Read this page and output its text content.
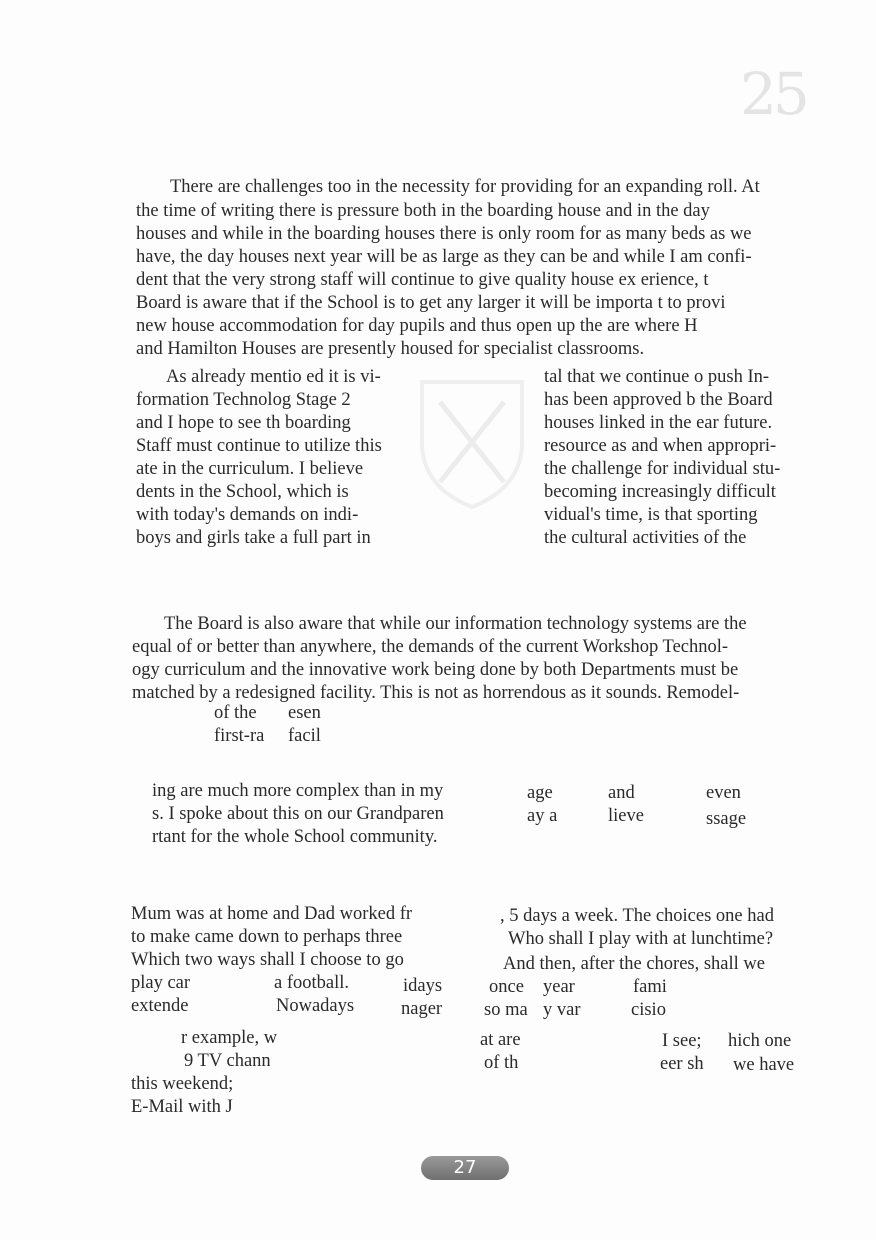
25
There are challenges too in the necessity for providing for an expanding roll. At
the time of writing there is pressure both in the boarding house and in the day
houses and while in the boarding houses there is only room for as many beds as we
have, the day houses next year will be as large as they can be and while I am confi-
dent that the very strong staff will continue to give quality house ex erience, t
Board is aware that if the School is to get any larger it will be importa t to provi
new house accommodation for day pupils and thus open up the are where H
and Hamilton Houses are presently housed for specialist classrooms.
As already mentio ed it is vi-
formation Technolog Stage 2
and I hope to see th boarding
Staff must continue to utilize this
ate in the curriculum. I believe
dents in the School, which is
with today's demands on indi-
boys and girls take a full part in
tal that we continue o push In-
has been approved b the Board
houses linked in the ear future.
resource as and when appropri-
the challenge for individual stu-
becoming increasingly difficult
vidual's time, is that sporting
the cultural activities of the
The Board is also aware that while our information technology systems are the
equal of or better than anywhere, the demands of the current Workshop Technol-
ogy curriculum and the innovative work being done by both Departments must be
matched by a redesigned facility. This is not as horrendous as it sounds. Remodel-
of the esen
first-ra facil
ing are much more complex than in my
s. I spoke about this on our Grandparen
rtant for the whole School community.
age	and	even
ay a	lieve	ssage
Mum was at home and Dad worked fr
to make came down to perhaps three
Which two ways shall I choose to go
, 5 days a week. The choices one had
Who shall I play with at lunchtime?
And then, after the chores, shall we
play car	a football.	idays
extende	Nowadays	nager
once year	fami
so ma y var	cisio
r example, w
9 TV chann
this weekend;
E-Mail with J
at are
of th
I see; hich one
eer sh we have
27
